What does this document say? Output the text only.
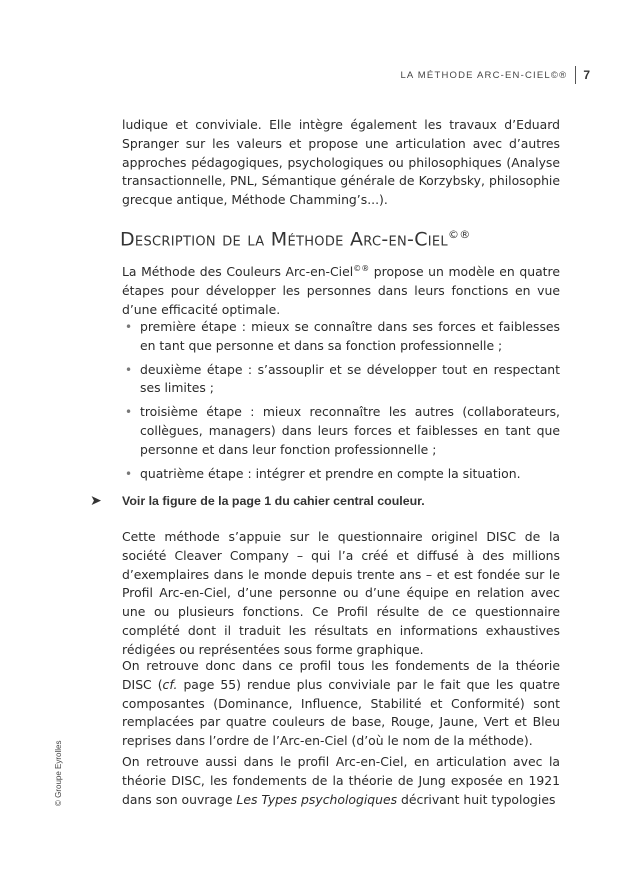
LA MÉTHODE ARC-EN-CIEL©® 7
© Groupe Eyrolles

ludique et conviviale. Elle intègre également les travaux d’Eduard Spranger sur les valeurs et propose une articulation avec d’autres approches pédagogiques, psychologiques ou philosophiques (Analyse transactionnelle, PNL, Sémantique générale de Korzybsky, philosophie grecque antique, Méthode Chamming’s...).

Description de la Méthode Arc-en-Ciel©®

La Méthode des Couleurs Arc-en-Ciel©® propose un modèle en quatre étapes pour développer les personnes dans leurs fonctions en vue d’une efficacité optimale.

• première étape : mieux se connaître dans ses forces et faiblesses en tant que personne et dans sa fonction professionnelle ;
• deuxième étape : s’assouplir et se développer tout en respectant ses limites ;
• troisième étape : mieux reconnaître les autres (collaborateurs, collègues, managers) dans leurs forces et faiblesses en tant que personne et dans leur fonction professionnelle ;
• quatrième étape : intégrer et prendre en compte la situation.
➤	Voir la figure de la page 1 du cahier central couleur.

Cette méthode s’appuie sur le questionnaire originel DISC de la société Cleaver Company – qui l’a créé et diffusé à des millions d’exemplaires dans le monde depuis trente ans – et est fondée sur le Profil Arc-en-Ciel, d’une personne ou d’une équipe en relation avec une ou plusieurs fonctions. Ce Profil résulte de ce questionnaire complété dont il traduit les résultats en informations exhaustives rédigées ou représentées sous forme graphique.

On retrouve donc dans ce profil tous les fondements de la théorie DISC (cf. page 55) rendue plus conviviale par le fait que les quatre composantes (Dominance, Influence, Stabilité et Conformité) sont remplacées par quatre couleurs de base, Rouge, Jaune, Vert et Bleu reprises dans l’ordre de l’Arc-en-Ciel (d’où le nom de la méthode).

On retrouve aussi dans le profil Arc-en-Ciel, en articulation avec la théorie DISC, les fondements de la théorie de Jung exposée en 1921 dans son ouvrage Les Types psychologiques décrivant huit typologies
